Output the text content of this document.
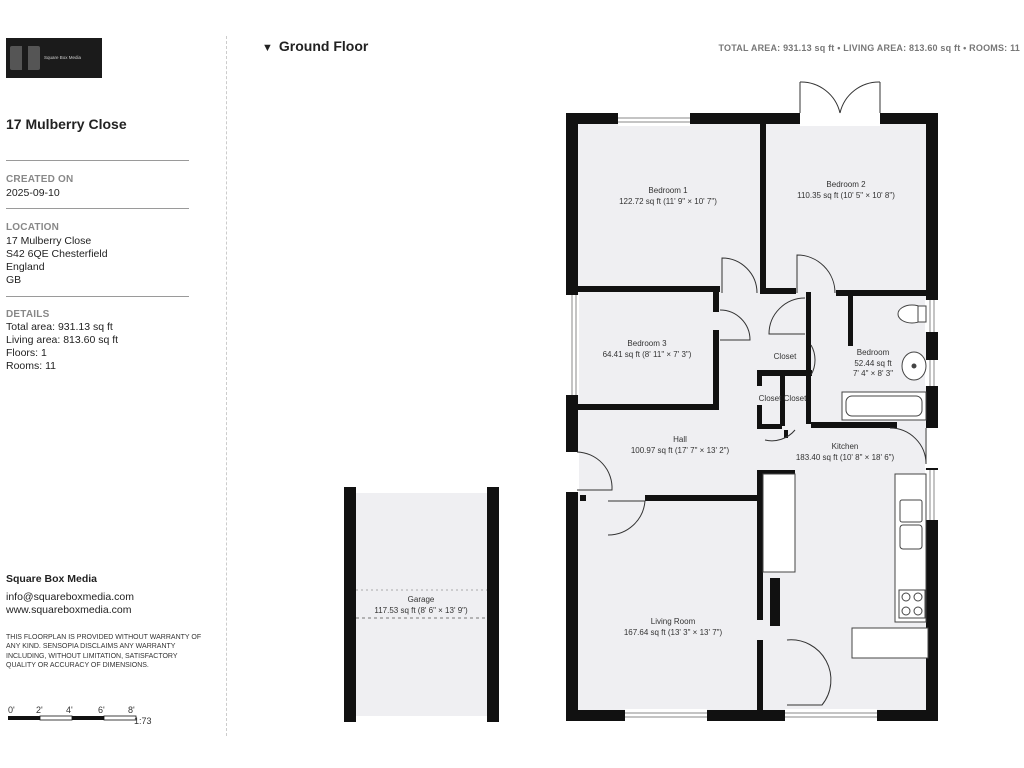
Square Box Media
17 Mulberry Close
CREATED ON
2025-09-10
LOCATION
17 Mulberry Close
S42 6QE Chesterfield
England
GB
DETAILS
Total area: 931.13 sq ft
Living area: 813.60 sq ft
Floors: 1
Rooms: 11
Square Box Media
info@squareboxmedia.com
www.squareboxmedia.com
THIS FLOORPLAN IS PROVIDED WITHOUT WARRANTY OF ANY KIND. SENSOPIA DISCLAIMS ANY WARRANTY INCLUDING, WITHOUT LIMITATION, SATISFACTORY QUALITY OR ACCURACY OF DIMENSIONS.
0' 2'	4'	6'	8'
1:73
▼ Ground Floor	TOTAL AREA: 931.13 sq ft • LIVING AREA: 813.60 sq ft • ROOMS: 11
Bedroom 1
122.72 sq ft (11' 9" × 10' 7")
Bedroom 2
110.35 sq ft (10' 5" × 10' 8")
Bedroom 3
64.41 sq ft (8' 11" × 7' 3")	Closet
Closet Closet
Bedroom
52.44 sq ft
7' 4" × 8' 3"
Hall
100.97 sq ft (17' 7" × 13' 2")	Kitchen
183.40 sq ft (10' 8" × 18' 6")
Living Room
167.64 sq ft (13' 3" × 13' 7")
Garage
117.53 sq ft (8' 6" × 13' 9")
